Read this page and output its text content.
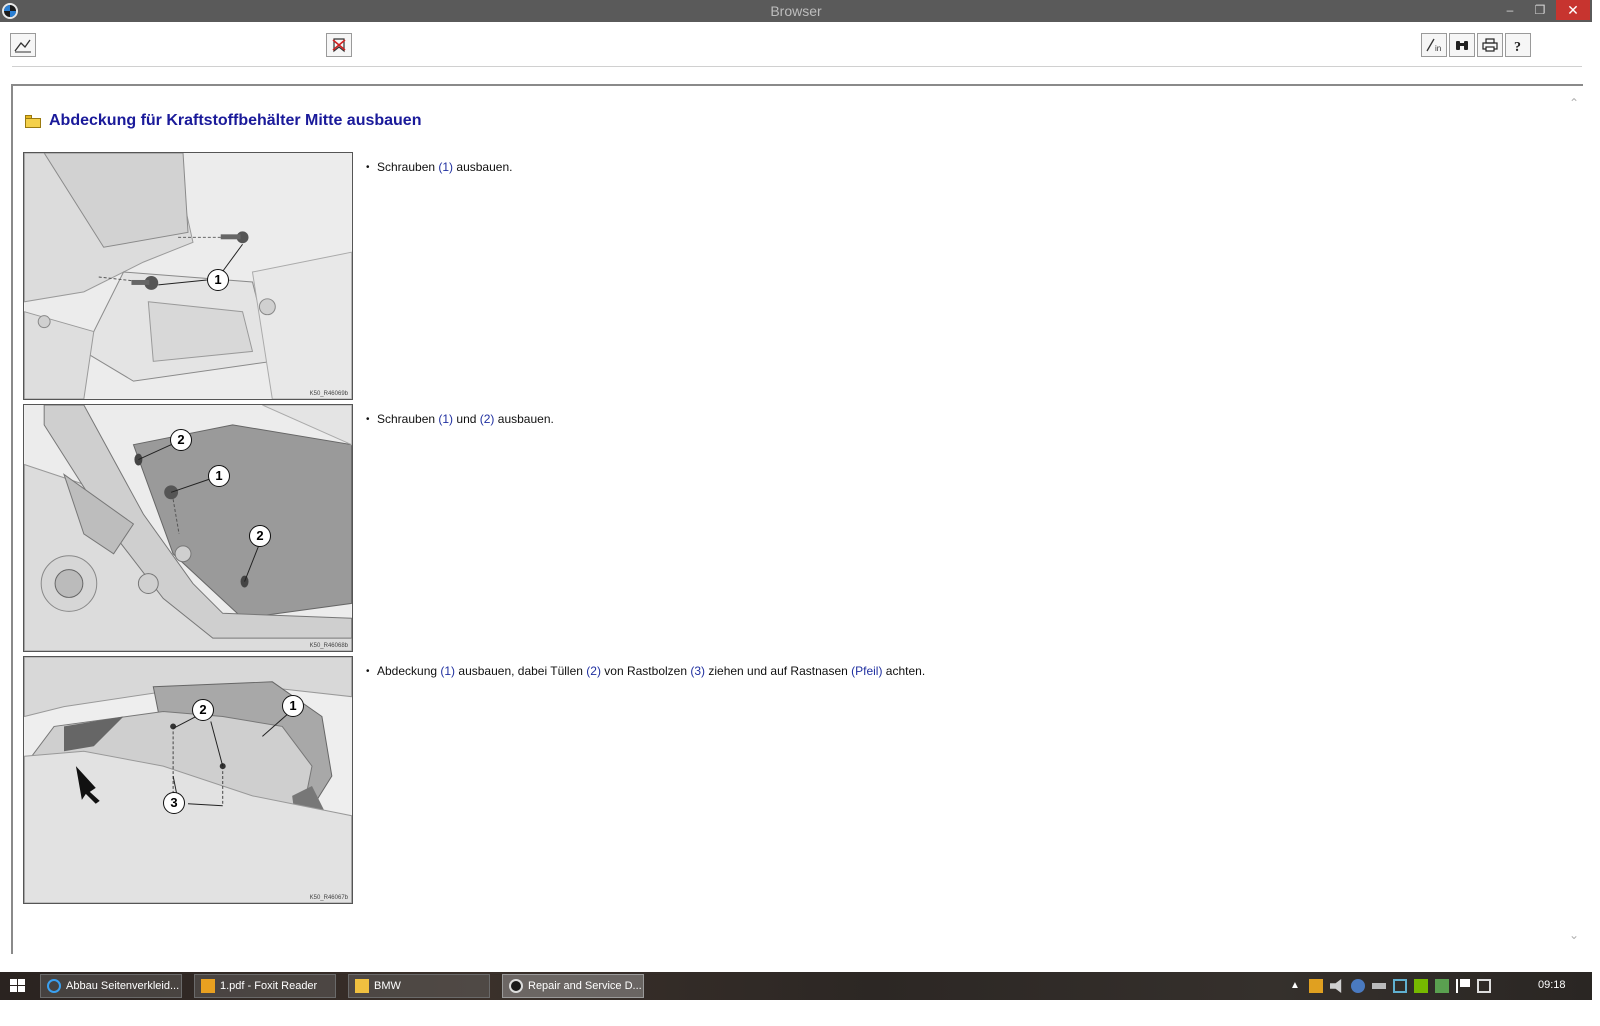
Browser	–	❐	✕
in	?
Abdeckung für Kraftstoffbehälter Mitte ausbauen
1
K50_R46069b
• Schrauben (1) ausbauen.
2
1
2
K50_R46068b
• Schrauben (1) und (2) ausbauen.
1
2
3
K50_R46067b
• Abdeckung (1) ausbauen, dabei Tüllen (2) von Rastbolzen (3) ziehen und auf Rastnasen (Pfeil) achten.
⌃
⌄
Abbau Seitenverkleid...	1.pdf - Foxit Reader	BMW	Repair and Service D...	▲	09:18
